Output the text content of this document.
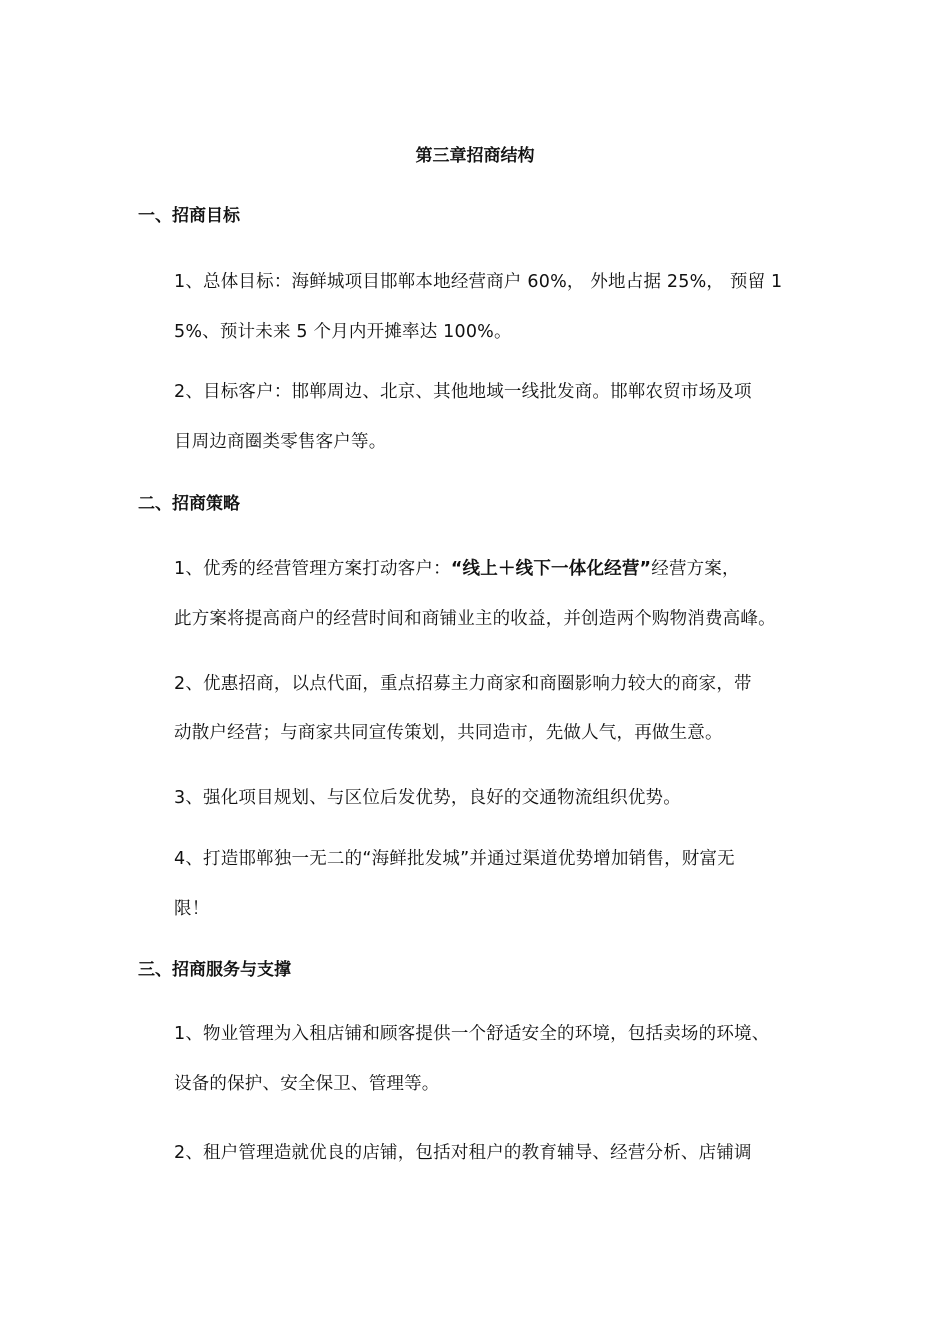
第三章招商结构
一、招商目标
1、总体目标：海鲜城项目邯郸本地经营商户 60%， 外地占据 25%， 预留 1
5%、预计未来 5 个月内开摊率达 100%。
2、目标客户：邯郸周边、北京、其他地域一线批发商。邯郸农贸市场及项
目周边商圈类零售客户等。
二、招商策略
1、优秀的经营管理方案打动客户：“线上＋线下一体化经营”经营方案，
此方案将提高商户的经营时间和商铺业主的收益，并创造两个购物消费高峰。
2、优惠招商，以点代面，重点招募主力商家和商圈影响力较大的商家，带
动散户经营；与商家共同宣传策划，共同造市，先做人气，再做生意。
3、强化项目规划、与区位后发优势，良好的交通物流组织优势。
4、打造邯郸独一无二的“海鲜批发城”并通过渠道优势增加销售，财富无
限！
三、招商服务与支撑
1、物业管理为入租店铺和顾客提供一个舒适安全的环境，包括卖场的环境、
设备的保护、安全保卫、管理等。
2、租户管理造就优良的店铺，包括对租户的教育辅导、经营分析、店铺调
